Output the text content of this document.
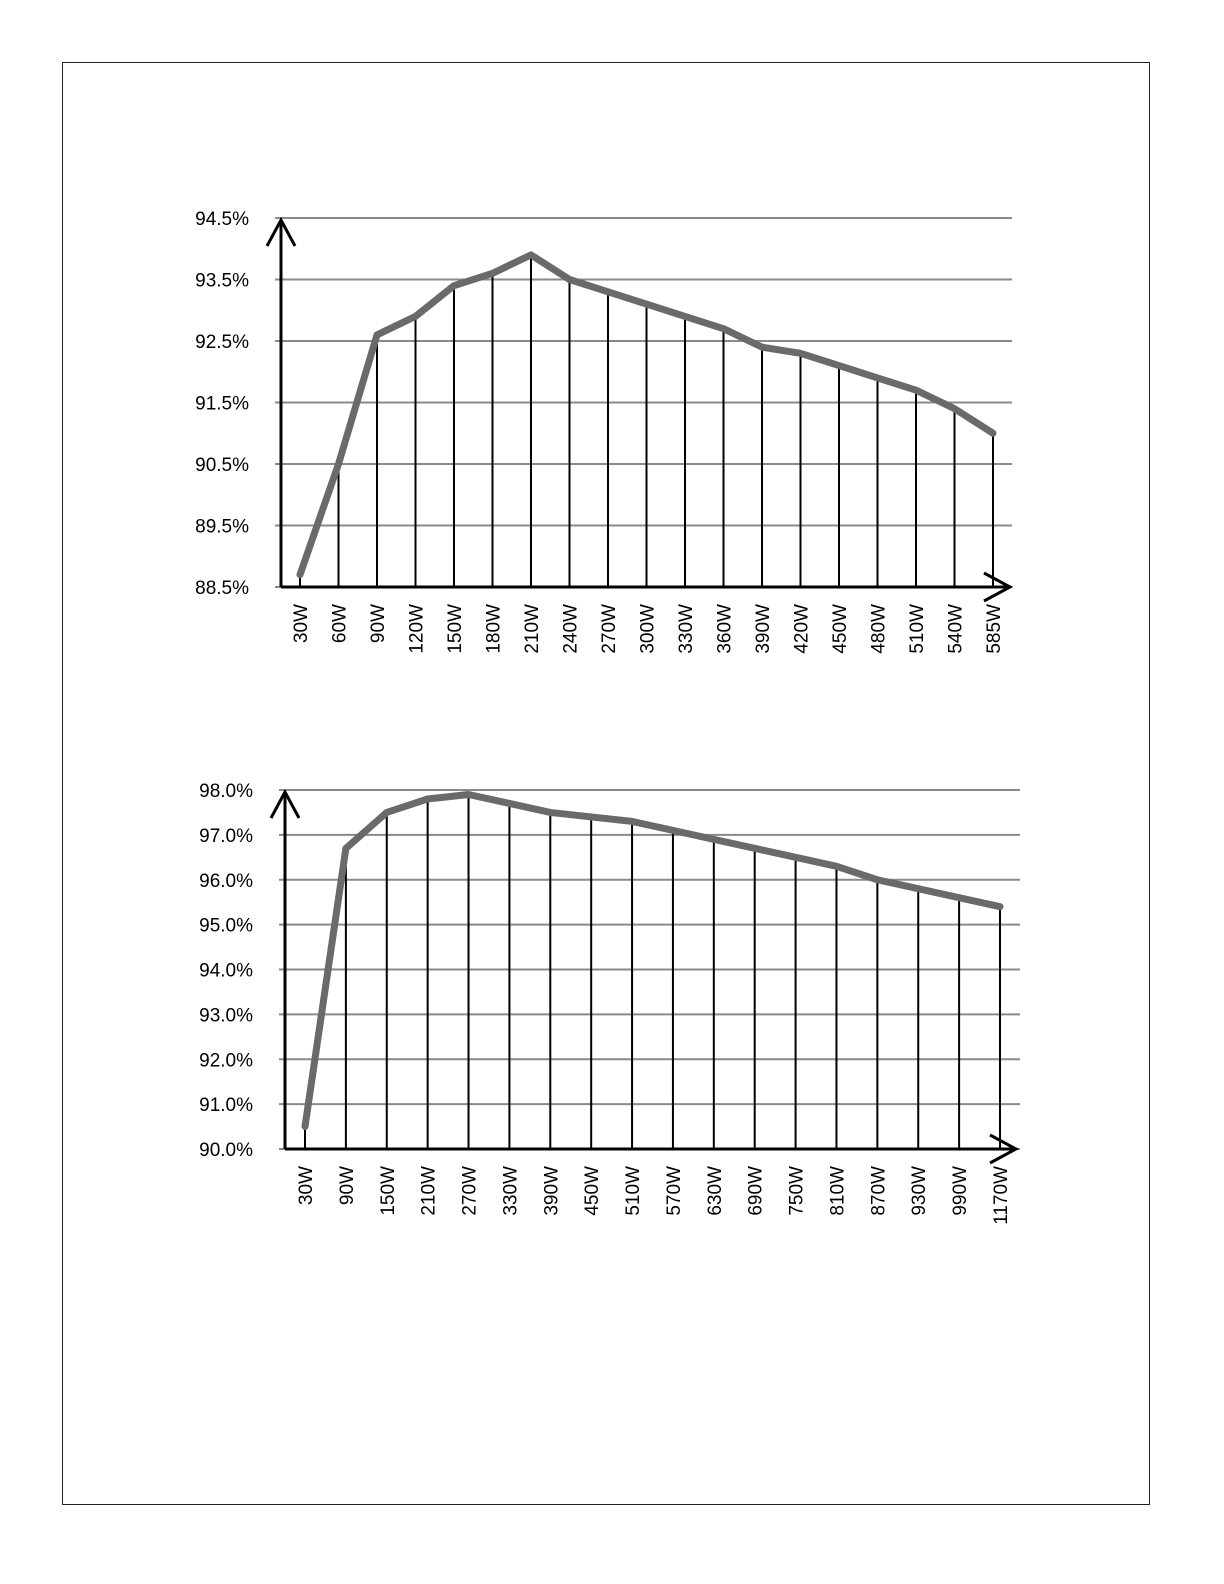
94.5%
93.5%
92.5%
91.5%
90.5%
89.5%
88.5%
30W 60W 90W 120W 150W 180W 210W 240W 270W 300W 330W 360W 390W 420W 450W 480W 510W 540W 585W
98.0%
97.0%
96.0%
95.0%
94.0%
93.0%
92.0%
91.0%
90.0%
30W 90W 150W 210W 270W 330W 390W 450W 510W 570W 630W 690W 750W 810W 870W 930W 990W 1170W
